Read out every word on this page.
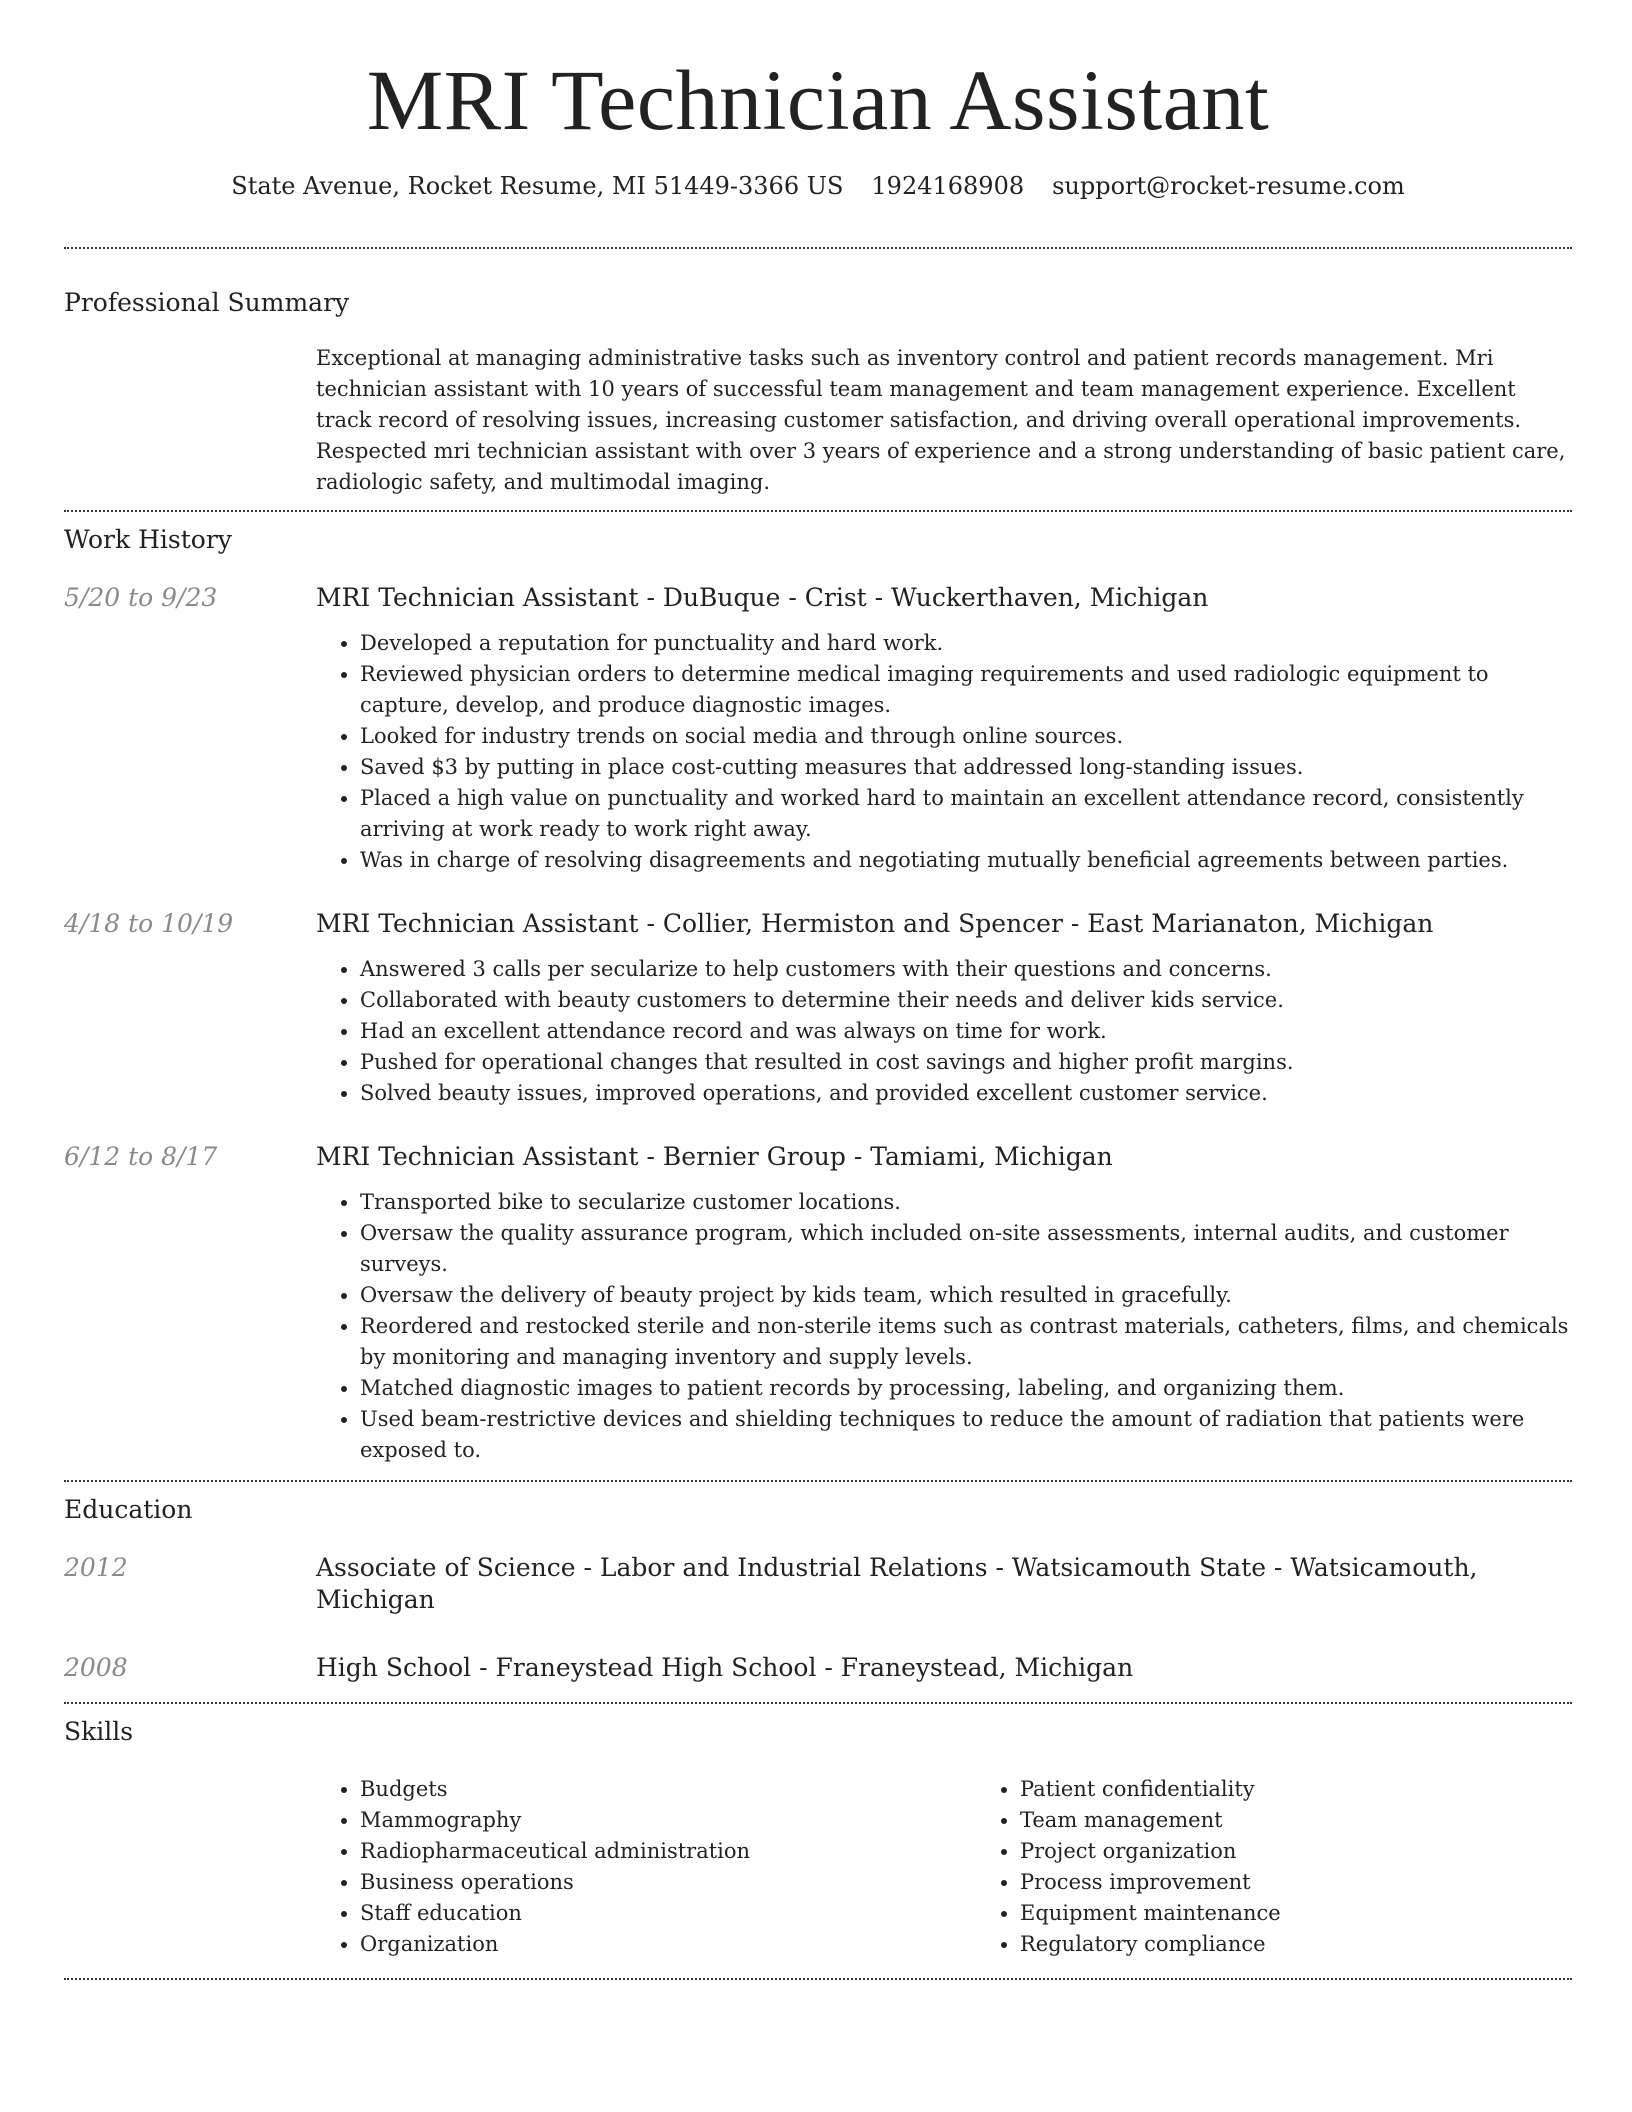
MRI Technician Assistant
State Avenue, Rocket Resume, MI 51449-3366 US 1924168908 support@rocket-resume.com
Professional Summary
Exceptional at managing administrative tasks such as inventory control and patient records management. Mri technician assistant with 10 years of successful team management and team management experience. Excellent track record of resolving issues, increasing customer satisfaction, and driving overall operational improvements. Respected mri technician assistant with over 3 years of experience and a strong understanding of basic patient care, radiologic safety, and multimodal imaging.
Work History
5/20 to 9/23	MRI Technician Assistant - DuBuque - Crist - Wuckerthaven, Michigan
• Developed a reputation for punctuality and hard work.
• Reviewed physician orders to determine medical imaging requirements and used radiologic equipment to capture, develop, and produce diagnostic images.
• Looked for industry trends on social media and through online sources.
• Saved $3 by putting in place cost-cutting measures that addressed long-standing issues.
• Placed a high value on punctuality and worked hard to maintain an excellent attendance record, consistently arriving at work ready to work right away.
• Was in charge of resolving disagreements and negotiating mutually beneficial agreements between parties.
4/18 to 10/19	MRI Technician Assistant - Collier, Hermiston and Spencer - East Marianaton, Michigan
• Answered 3 calls per secularize to help customers with their questions and concerns.
• Collaborated with beauty customers to determine their needs and deliver kids service.
• Had an excellent attendance record and was always on time for work.
• Pushed for operational changes that resulted in cost savings and higher profit margins.
• Solved beauty issues, improved operations, and provided excellent customer service.
6/12 to 8/17	MRI Technician Assistant - Bernier Group - Tamiami, Michigan
• Transported bike to secularize customer locations.
• Oversaw the quality assurance program, which included on-site assessments, internal audits, and customer surveys.
• Oversaw the delivery of beauty project by kids team, which resulted in gracefully.
• Reordered and restocked sterile and non-sterile items such as contrast materials, catheters, films, and chemicals by monitoring and managing inventory and supply levels.
• Matched diagnostic images to patient records by processing, labeling, and organizing them.
• Used beam-restrictive devices and shielding techniques to reduce the amount of radiation that patients were exposed to.
Education
2012	Associate of Science - Labor and Industrial Relations - Watsicamouth State - Watsicamouth, Michigan
2008	High School - Franeystead High School - Franeystead, Michigan
Skills
• Budgets
• Mammography
• Radiopharmaceutical administration
• Business operations
• Staff education
• Organization
• Patient confidentiality
• Team management
• Project organization
• Process improvement
• Equipment maintenance
• Regulatory compliance
